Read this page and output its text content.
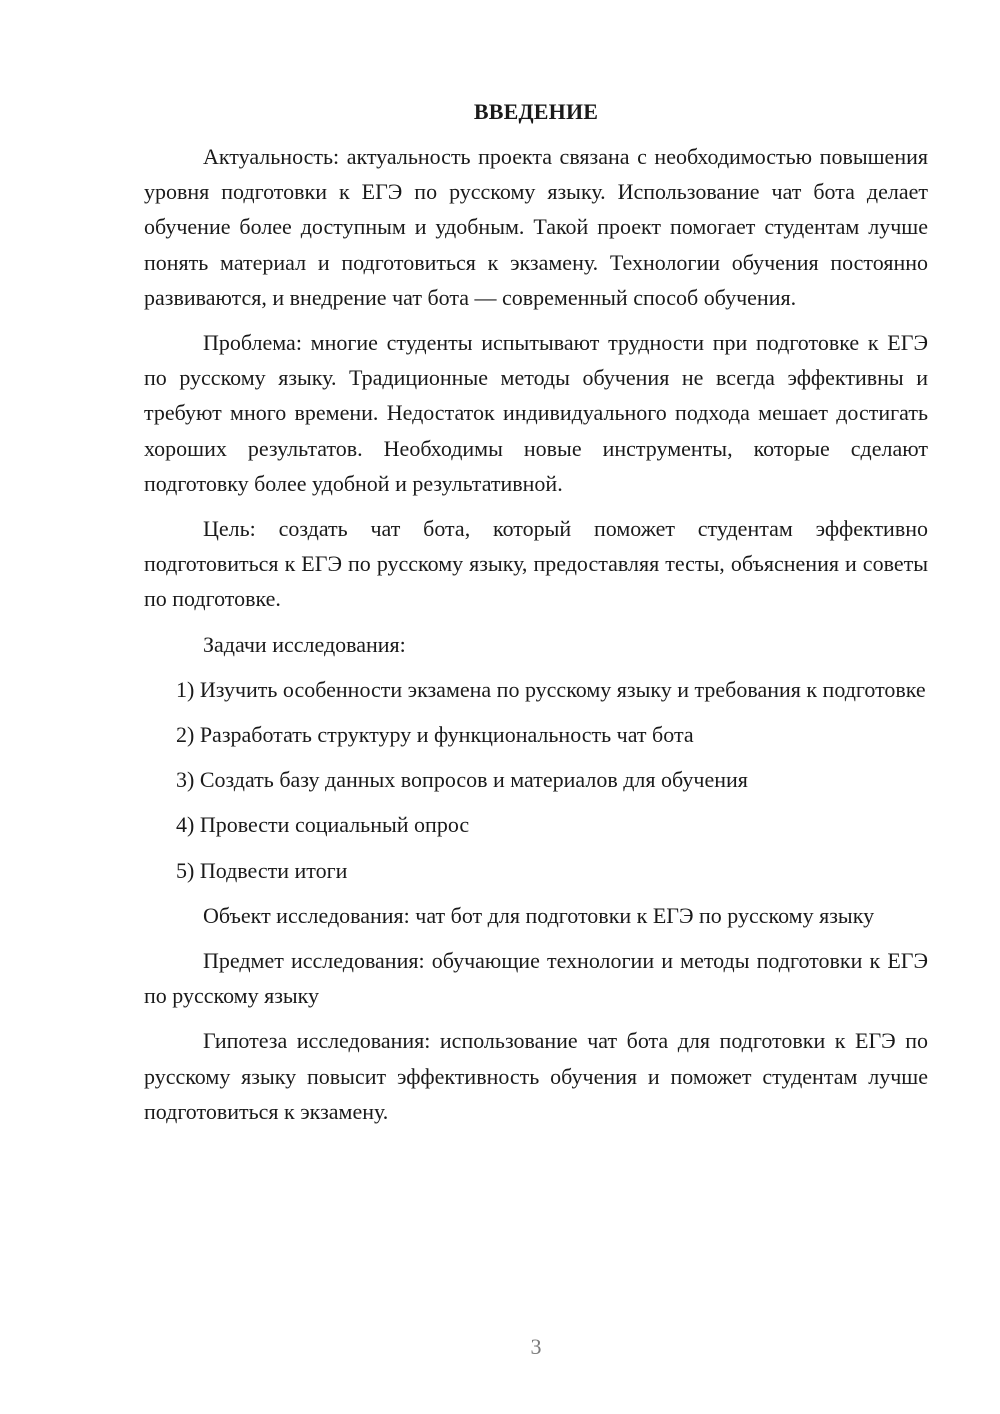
ВВЕДЕНИЕ

Актуальность: актуальность проекта связана с необходимостью повышения уровня подготовки к ЕГЭ по русскому языку. Использование чат бота делает обучение более доступным и удобным. Такой проект помогает студентам лучше понять материал и подготовиться к экзамену. Технологии обучения постоянно развиваются, и внедрение чат бота — современный способ обучения.

Проблема: многие студенты испытывают трудности при подготовке к ЕГЭ по русскому языку. Традиционные методы обучения не всегда эффективны и требуют много времени. Недостаток индивидуального подхода мешает достигать хороших результатов. Необходимы новые инструменты, которые сделают подготовку более удобной и результативной.

Цель: создать чат бота, который поможет студентам эффективно подготовиться к ЕГЭ по русскому языку, предоставляя тесты, объяснения и советы по подготовке.

Задачи исследования:

1) Изучить особенности экзамена по русскому языку и требования к подготовке

2) Разработать структуру и функциональность чат бота

3) Создать базу данных вопросов и материалов для обучения

4) Провести социальный опрос

5) Подвести итоги

Объект исследования: чат бот для подготовки к ЕГЭ по русскому языку

Предмет исследования: обучающие технологии и методы подготовки к ЕГЭ по русскому языку

Гипотеза исследования: использование чат бота для подготовки к ЕГЭ по русскому языку повысит эффективность обучения и поможет студентам лучше подготовиться к экзамену.

3
